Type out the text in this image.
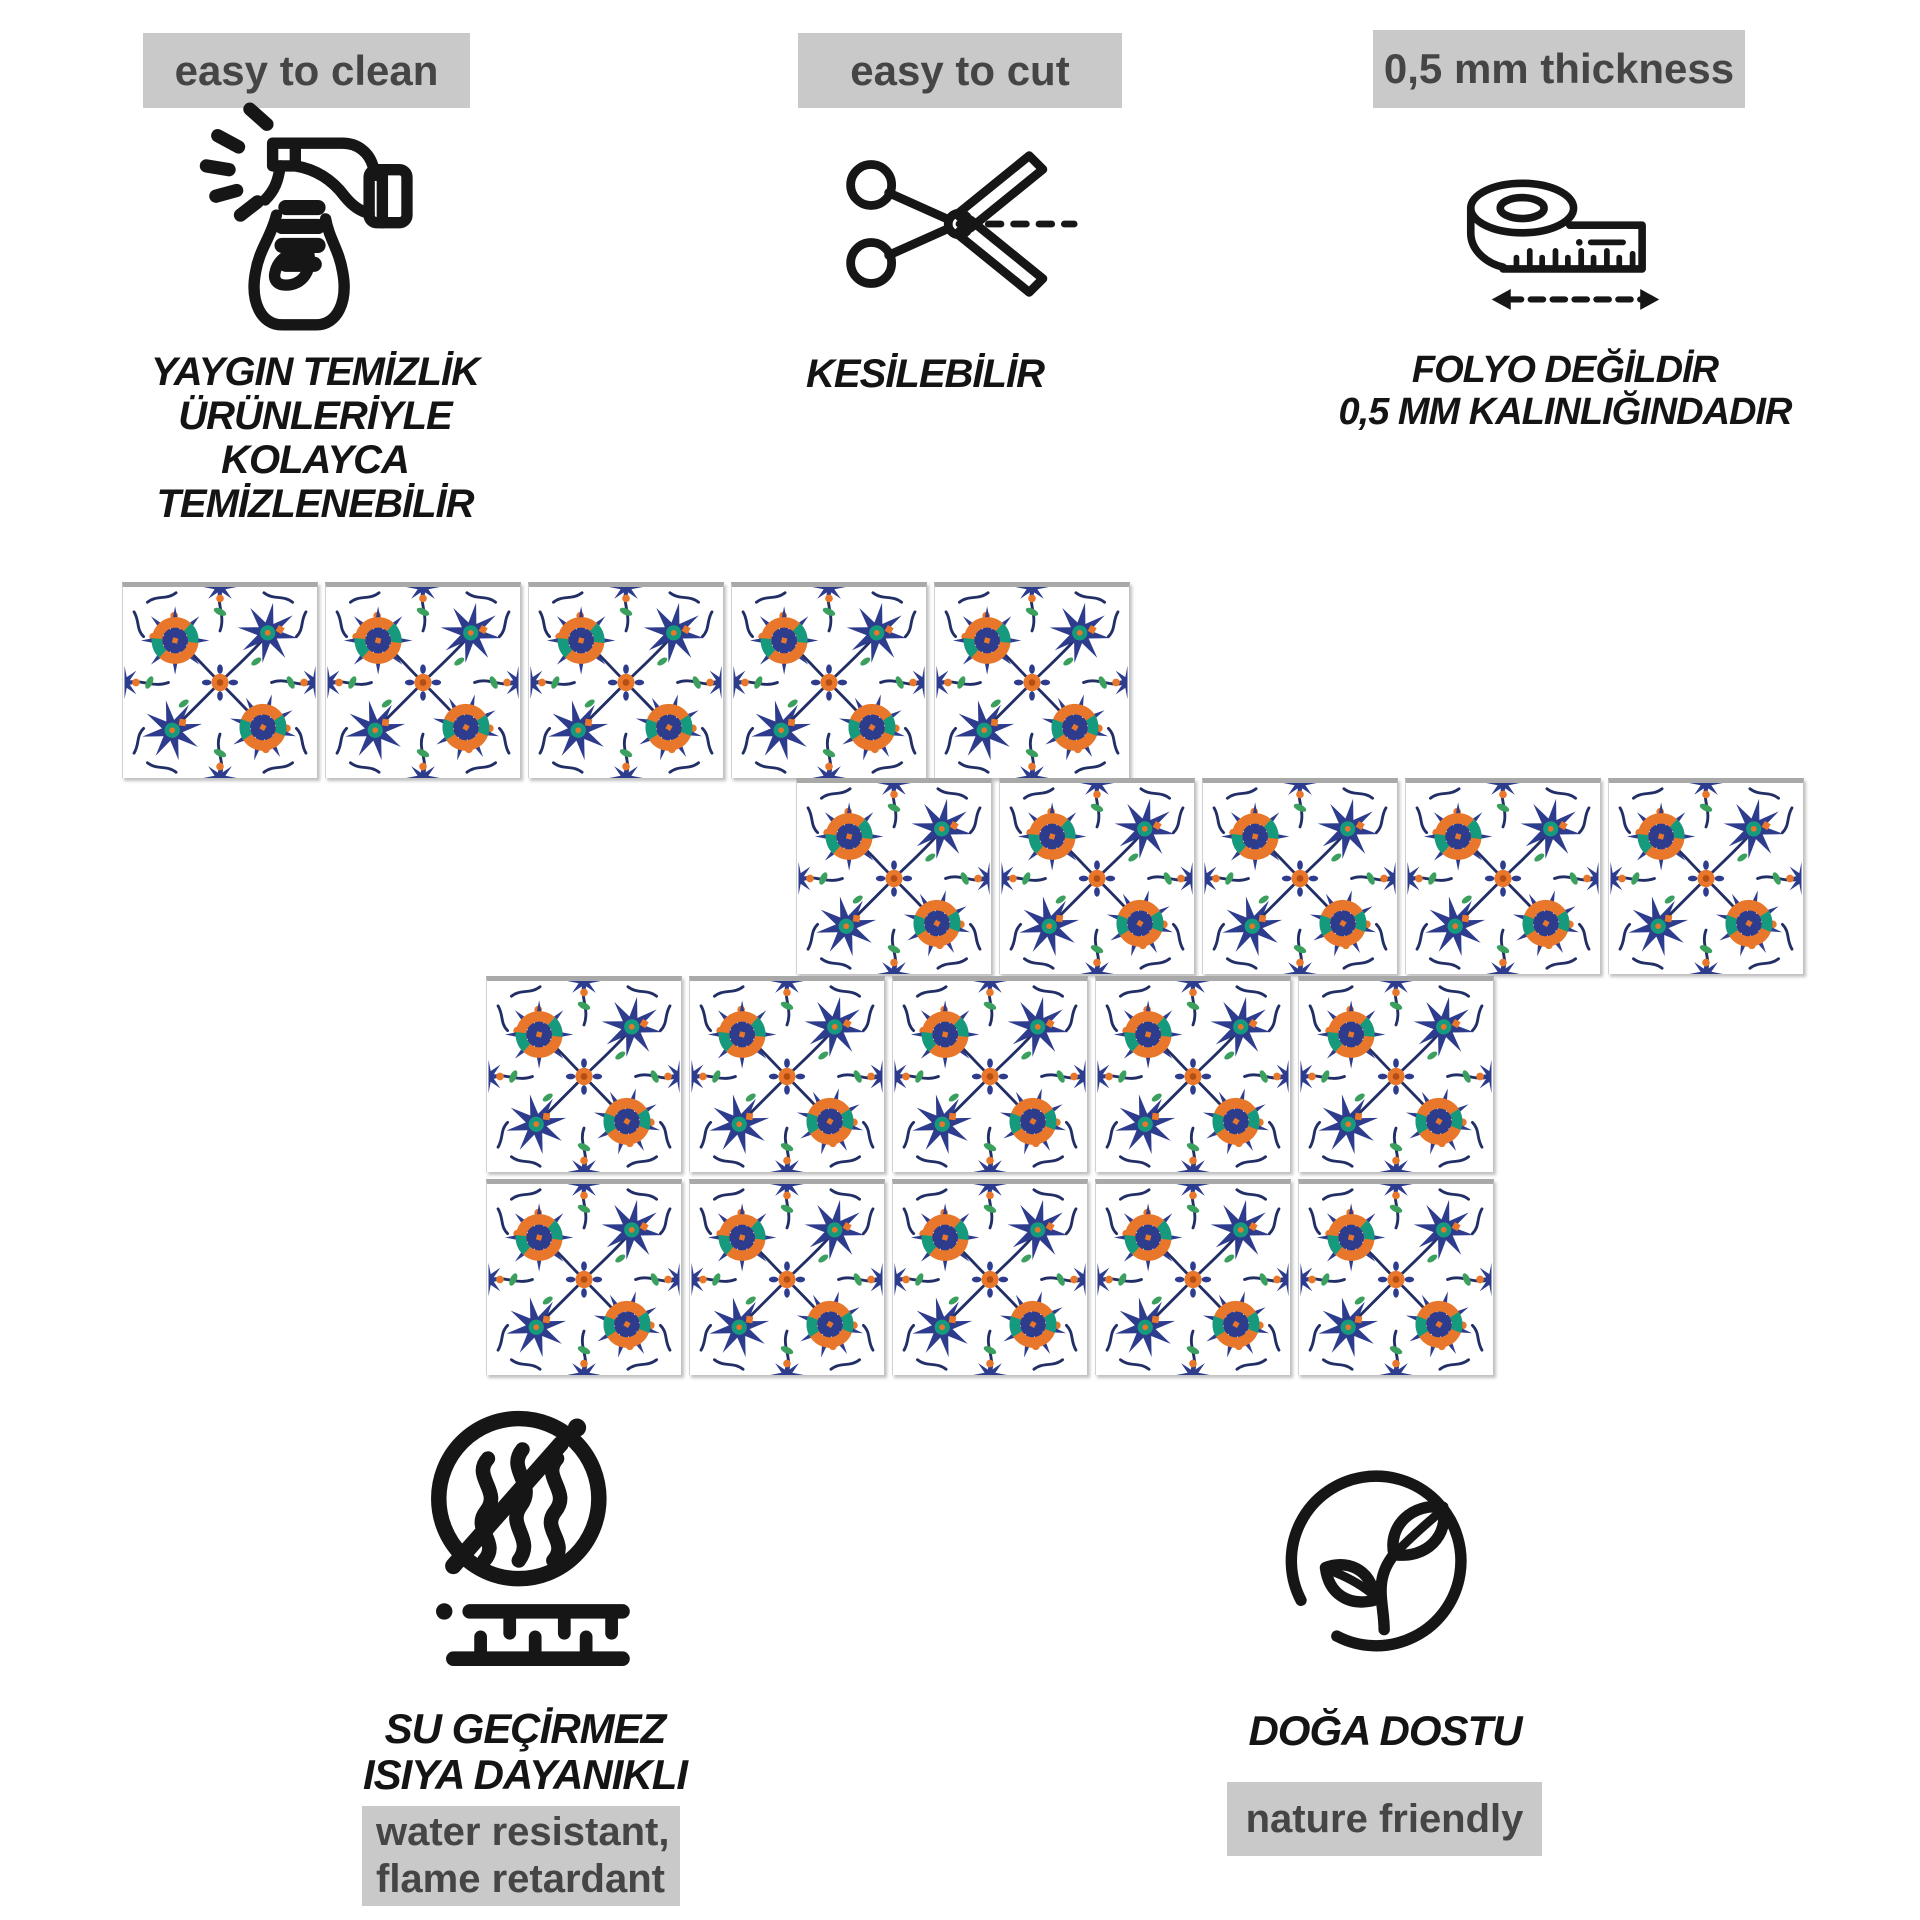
easy to clean
YAYGIN TEMİZLİK
ÜRÜNLERİYLE
KOLAYCA
TEMİZLENEBİLİR
easy to cut
KESİLEBİLİR
0,5 mm thickness
FOLYO DEĞİLDİR
0,5 MM KALINLIĞINDADIR
SU GEÇİRMEZ
ISIYA DAYANIKLI
water resistant,
flame retardant
DOĞA DOSTU
nature friendly
